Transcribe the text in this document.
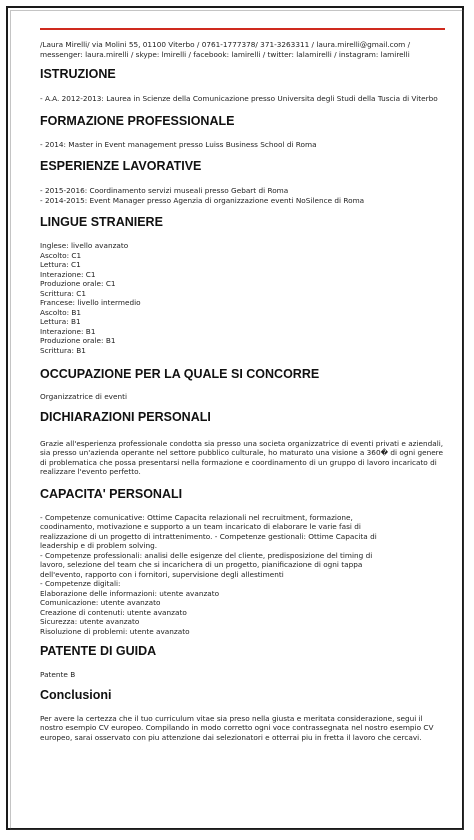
/Laura Mirelli/ via Molini 55, 01100 Viterbo / 0761-1777378/ 371-3263311 / laura.mirelli@gmail.com / messenger: laura.mirelli / skype: lmirelli / facebook: lamirelli / twitter: lalamirelli / instagram: lamirelli

ISTRUZIONE

- A.A. 2012-2013: Laurea in Scienze della Comunicazione presso Universita degli Studi della Tuscia di Viterbo

FORMAZIONE PROFESSIONALE
- 2014: Master in Event management presso Luiss Business School di Roma
ESPERIENZE LAVORATIVE
- 2015-2016: Coordinamento servizi museali presso Gebart di Roma
- 2014-2015: Event Manager presso Agenzia di organizzazione eventi NoSilence di Roma
LINGUE STRANIERE
Inglese: livello avanzato
Ascolto: C1
Lettura: C1
Interazione: C1
Produzione orale: C1
Scrittura: C1
Francese: livello intermedio
Ascolto: B1
Lettura: B1
Interazione: B1
Produzione orale: B1
Scrittura: B1
OCCUPAZIONE PER LA QUALE SI CONCORRE
Organizzatrice di eventi
DICHIARAZIONI PERSONALI

Grazie all'esperienza professionale condotta sia presso una societa organizzatrice di eventi privati e aziendali, sia presso un'azienda operante nel settore pubblico culturale, ho maturato una visione a 360� di ogni genere di problematica che possa presentarsi nella formazione e coordinamento di un gruppo di lavoro incaricato di realizzare l'evento perfetto.

CAPACITA' PERSONALI
- Competenze comunicative: Ottime Capacita relazionali nel recruitment, formazione,
coodinamento, motivazione e supporto a un team incaricato di elaborare le varie fasi di
realizzazione di un progetto di intrattenimento. - Competenze gestionali: Ottime Capacita di
leadership e di problem solving.
- Competenze professionali: analisi delle esigenze del cliente, predisposizione del timing di
lavoro, selezione del team che si incarichera di un progetto, pianificazione di ogni tappa
dell'evento, rapporto con i fornitori, supervisione degli allestimenti
- Competenze digitali:
Elaborazione delle informazioni: utente avanzato
Comunicazione: utente avanzato
Creazione di contenuti: utente avanzato
Sicurezza: utente avanzato
Risoluzione di problemi: utente avanzato
PATENTE DI GUIDA
Patente B
Conclusioni

Per avere la certezza che il tuo curriculum vitae sia preso nella giusta e meritata considerazione, segui il nostro esempio CV europeo. Compilando in modo corretto ogni voce contrassegnata nel nostro esempio CV europeo, sarai osservato con piu attenzione dai selezionatori e otterrai piu in fretta il lavoro che cercavi.
